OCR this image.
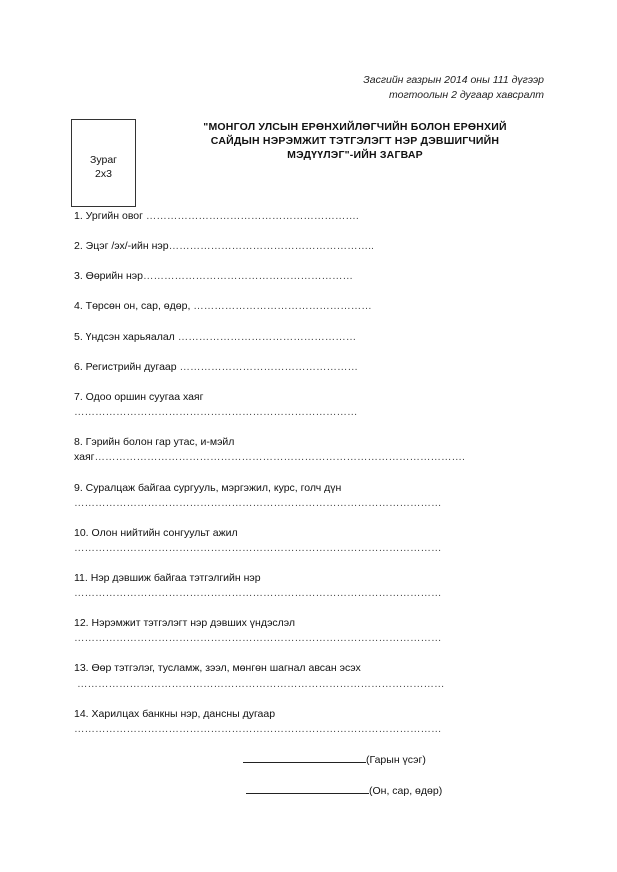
Засгийн газрын 2014 оны 111 дүгээр
тогтоолын 2 дугаар хавсралт
Зураг
2х3
"МОНГОЛ УЛСЫН ЕРӨНХИЙЛӨГЧИЙН БОЛОН ЕРӨНХИЙ
САЙДЫН НЭРЭМЖИТ ТЭТГЭЛЭГТ НЭР ДЭВШИГЧИЙН
МЭДҮҮЛЭГ"-ИЙН ЗАГВАР
1. Ургийн овог …………………………………………………….
2. Эцэг /эх/-ийн нэр…………………………………………………..
3. Өөрийн нэр……………………………………………………
4. Төрсөн он, сар, өдөр, ……………………………………………
5. Үндсэн харьяалал ……………………………………………
6. Регистрийн дугаар ……………………………………………
7. Одоо оршин суугаа хаяг
………………………………………………………………………
8. Гэрийн болон гар утас, и-мэйл
хаяг…………………………………………………………………………………………….
9. Суралцаж байгаа сургууль, мэргэжил, курс, голч дүн
……………………………………………………………………………………………
10. Олон нийтийн сонгуульт ажил
……………………………………………………………………………………………
11. Нэр дэвшиж байгаа тэтгэлгийн нэр
……………………………………………………………………………………………
12. Нэрэмжит тэтгэлэгт нэр дэвших үндэслэл
……………………………………………………………………………………………
13. Өөр тэтгэлэг, тусламж, зээл, мөнгөн шагнал авсан эсэх
……………………………………………………………………………………………
14. Харилцах банкны нэр, дансны дугаар
……………………………………………………………………………………………
(Гарын үсэг)
(Он, сар, өдөр)
